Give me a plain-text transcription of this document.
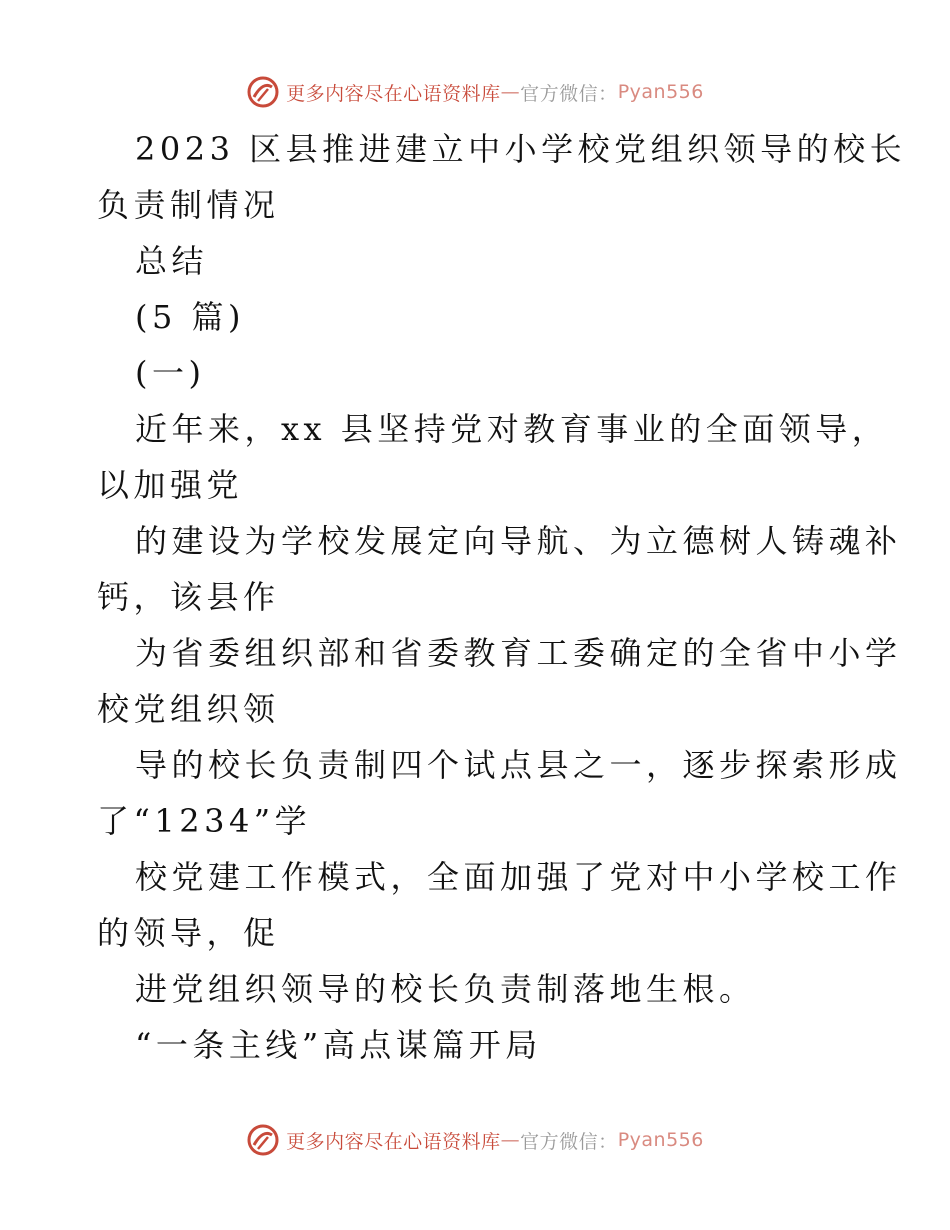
更多内容尽在心语资料库 — 官方微信： Pyan556
2023 区县推进建立中小学校党组织领导的校长
负责制情况
总结
(5 篇)
(一)
近年来，xx 县坚持党对教育事业的全面领导，
以加强党
的建设为学校发展定向导航、为立德树人铸魂补
钙，该县作
为省委组织部和省委教育工委确定的全省中小学
校党组织领
导的校长负责制四个试点县之一，逐步探索形成
了“1234”学
校党建工作模式，全面加强了党对中小学校工作
的领导，促
进党组织领导的校长负责制落地生根。
“一条主线”高点谋篇开局
更多内容尽在心语资料库 — 官方微信： Pyan556
